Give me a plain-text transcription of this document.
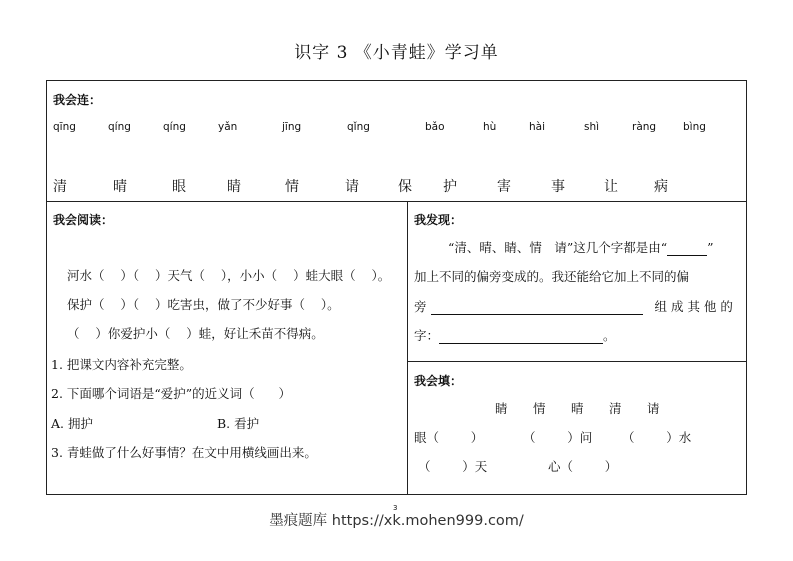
识字 3 《小青蛙》学习单
我会连：
qīng	qíng	qíng	yǎn	jīng	qǐng	bǎo	hù	hài	shì	ràng	bìng
清	晴	眼	睛	情	请	保 护	害	事	让	病
我会阅读：
河水（    ）（    ）天气（    ），小小（    ）蛙大眼（    ）。
保护（    ）（    ）吃害虫，做了不少好事（    ）。
（    ）你爱护小（    ）蛙，好让禾苗不得病。
1. 把课文内容补充完整。
2. 下面哪个词语是“爱护”的近义词（      ）
A. 拥护	B. 看护
3. 青蛙做了什么好事情？在文中用横线画出来。
我发现：
“清、晴、睛、情　请”这几个字都是由“	”
加上不同的偏旁变成的。我还能给它加上不同的偏
旁	组 成 其 他 的
字：	。
我会填：
睛 情 晴 清 请
眼（        ）	（        ）问 （        ）水
（        ）天	心（        ）
3
墨痕题库 https://xk.mohen999.com/
